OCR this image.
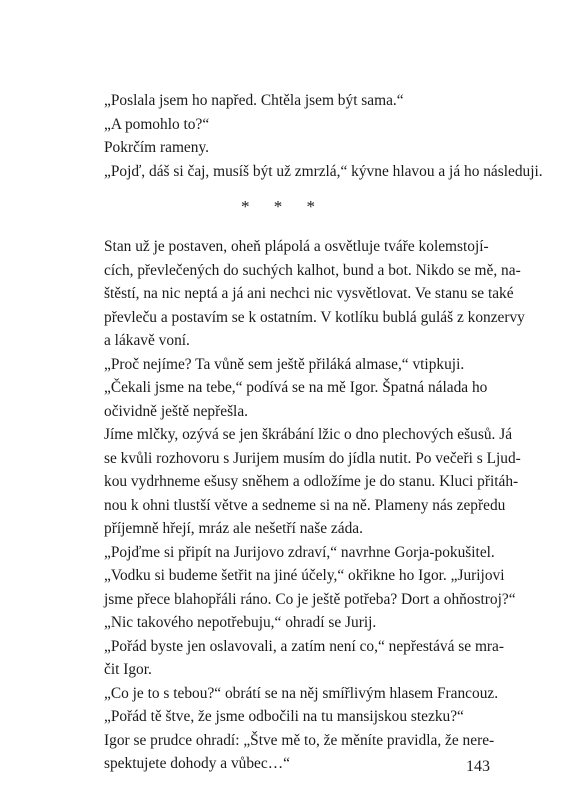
„Poslala jsem ho napřed. Chtěla jsem být sama.“

„A pomohlo to?“

Pokrčím rameny.

„Pojď, dáš si čaj, musíš být už zmrzlá,“ kývne hlavou a já ho následuji.

* * *

Stan už je postaven, oheň plápolá a osvětluje tváře kolemstojí-
cích, převlečených do suchých kalhot, bund a bot. Nikdo se mě, na-
štěstí, na nic neptá a já ani nechci nic vysvětlovat. Ve stanu se také
převleču a postavím se k ostatním. V kotlíku bublá guláš z konzervy
a lákavě voní.

„Proč nejíme? Ta vůně sem ještě přiláká almase,“ vtipkuji.

„Čekali jsme na tebe,“ podívá se na mě Igor. Špatná nálada ho
očividně ještě nepřešla.

Jíme mlčky, ozývá se jen škrábání lžic o dno plechových ešusů. Já
se kvůli rozhovoru s Jurijem musím do jídla nutit. Po večeři s Ljud-
kou vydrhneme ešusy sněhem a odložíme je do stanu. Kluci přitáh-
nou k ohni tlustší větve a sedneme si na ně. Plameny nás zepředu
příjemně hřejí, mráz ale nešetří naše záda.

„Pojďme si připít na Jurijovo zdraví,“ navrhne Gorja-pokušitel.

„Vodku si budeme šetřit na jiné účely,“ okřikne ho Igor. „Jurijovi
jsme přece blahopřáli ráno. Co je ještě potřeba? Dort a ohňostroj?“

„Nic takového nepotřebuju,“ ohradí se Jurij.

„Pořád byste jen oslavovali, a zatím není co,“ nepřestává se mra-
čit Igor.

„Co je to s tebou?“ obrátí se na něj smířlivým hlasem Francouz.
„Pořád tě štve, že jsme odbočili na tu mansijskou stezku?“

Igor se prudce ohradí: „Štve mě to, že měníte pravidla, že nere-
spektujete dohody a vůbec…“	143
